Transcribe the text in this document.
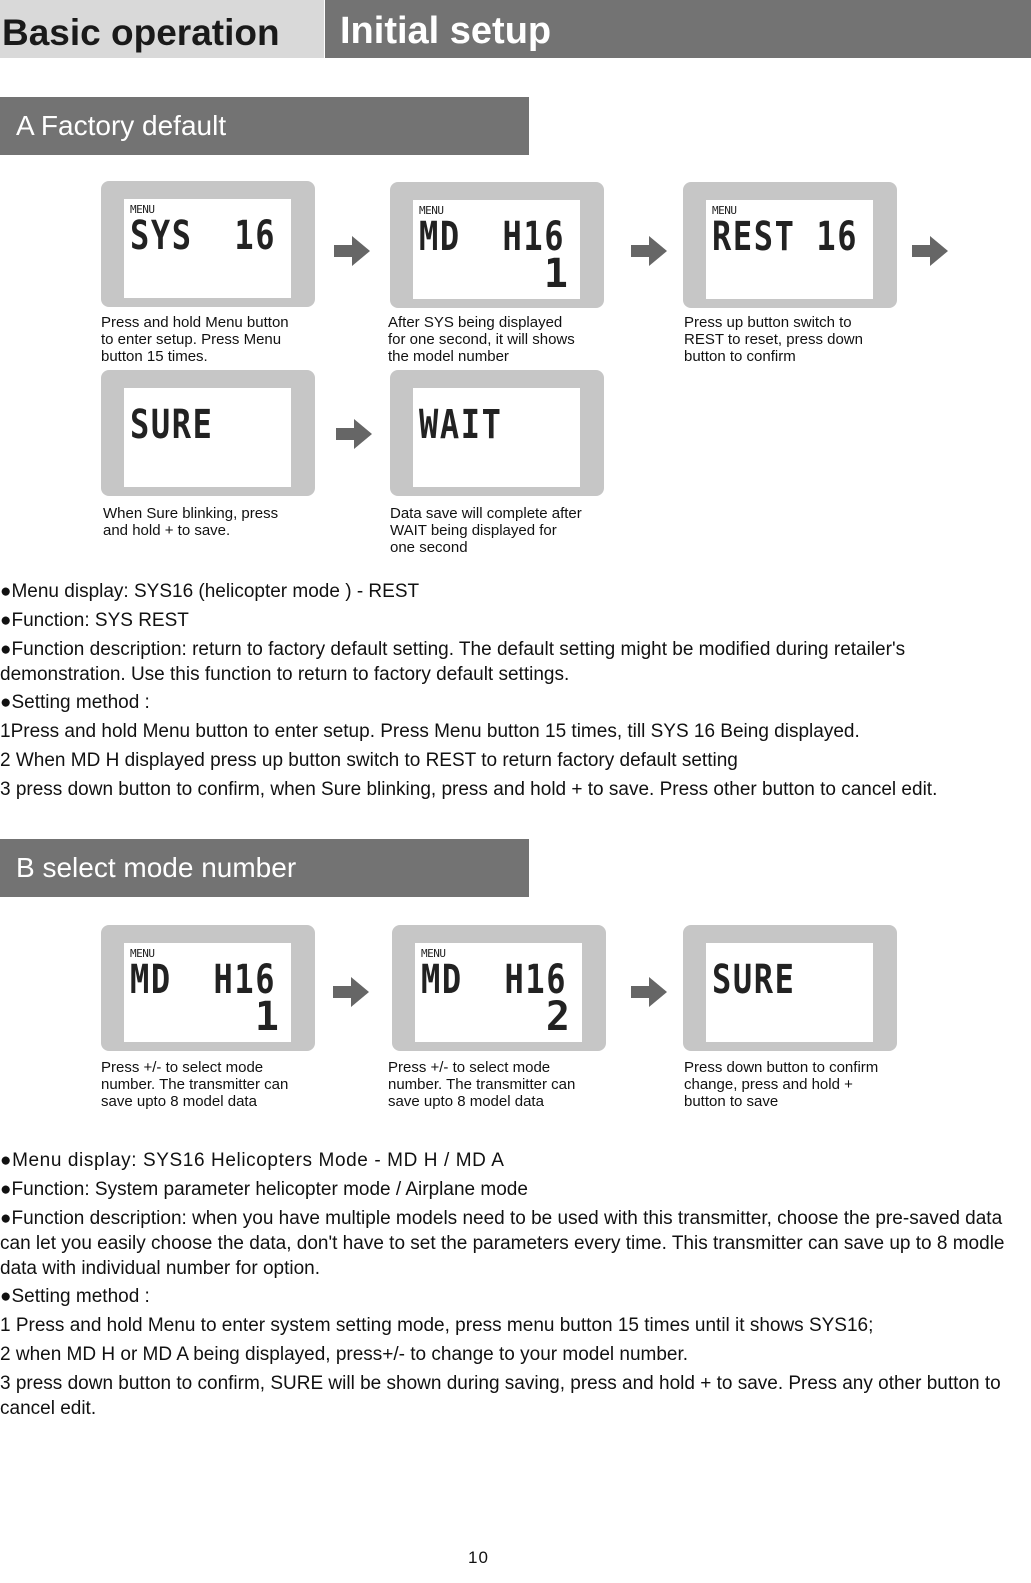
Basic operation Initial setup
A Factory default
MENU
SYS  16
MENU
MD  H16
1
MENU
REST 16
Press and hold Menu button
to enter setup. Press Menu
button 15 times.
After SYS being displayed
for one second, it will shows
the model number
Press up button switch to
REST to reset, press down
button to confirm
SURE	WAIT
When Sure blinking, press
and hold + to save.
Data save will complete after
WAIT being displayed for
one second
●Menu display: SYS16 (helicopter mode ) - REST
●Function: SYS REST
●Function description: return to factory default setting. The default setting might be modified during retailer's demonstration. Use this function to return to factory default settings.
●Setting method :
1Press and hold Menu button to enter setup. Press Menu button 15 times, till SYS 16 Being displayed.
2 When MD H displayed press up button switch to REST to return factory default setting
3 press down button to confirm, when Sure blinking, press and hold + to save. Press other button to cancel edit.
B select mode number
MENU
MD  H16
1
MENU
MD  H16
2
SURE
Press +/- to select mode
number. The transmitter can
save upto 8 model data
Press +/- to select mode
number. The transmitter can
save upto 8 model data
Press down button to confirm
change, press and hold +
button to save
●Menu display: SYS16 Helicopters Mode - MD H / MD A
●Function: System parameter helicopter mode / Airplane mode
●Function description: when you have multiple models need to be used with this transmitter, choose the pre-saved data can let you easily choose the data, don't have to set the parameters every time. This transmitter can save up to 8 modle data with individual number for option.
●Setting method :
1 Press and hold Menu to enter system setting mode, press menu button 15 times until it shows SYS16;
2 when MD H or MD A being displayed, press+/- to change to your model number.
3 press down button to confirm, SURE will be shown during saving, press and hold + to save. Press any other button to cancel edit.
10
